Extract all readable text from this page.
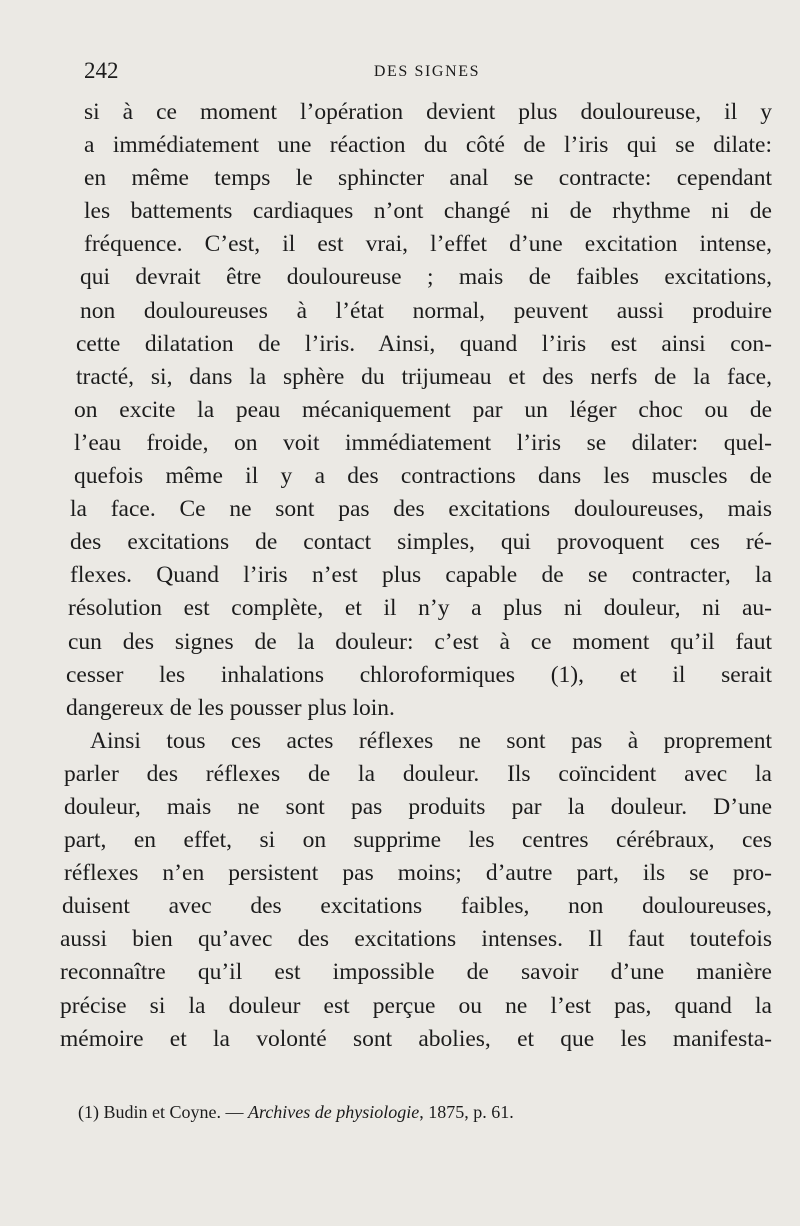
242	DES SIGNES
si à ce moment l’opération devient plus douloureuse, il y
a immédiatement une réaction du côté de l’iris qui se dilate:
en même temps le sphincter anal se contracte: cependant
les battements cardiaques n’ont changé ni de rhythme ni de
fréquence. C’est, il est vrai, l’effet d’une excitation intense,
qui devrait être douloureuse ; mais de faibles excitations,
non douloureuses à l’état normal, peuvent aussi produire
cette dilatation de l’iris. Ainsi, quand l’iris est ainsi con-
tracté, si, dans la sphère du trijumeau et des nerfs de la face,
on excite la peau mécaniquement par un léger choc ou de
l’eau froide, on voit immédiatement l’iris se dilater: quel-
quefois même il y a des contractions dans les muscles de
la face. Ce ne sont pas des excitations douloureuses, mais
des excitations de contact simples, qui provoquent ces ré-
flexes. Quand l’iris n’est plus capable de se contracter, la
résolution est complète, et il n’y a plus ni douleur, ni au-
cun des signes de la douleur: c’est à ce moment qu’il faut
cesser les inhalations chloroformiques (1), et il serait
dangereux de les pousser plus loin.
Ainsi tous ces actes réflexes ne sont pas à proprement
parler des réflexes de la douleur. Ils coïncident avec la
douleur, mais ne sont pas produits par la douleur. D’une
part, en effet, si on supprime les centres cérébraux, ces
réflexes n’en persistent pas moins; d’autre part, ils se pro-
duisent avec des excitations faibles, non douloureuses,
aussi bien qu’avec des excitations intenses. Il faut toutefois
reconnaître qu’il est impossible de savoir d’une manière
précise si la douleur est perçue ou ne l’est pas, quand la
mémoire et la volonté sont abolies, et que les manifesta-
(1) Budin et Coyne. — Archives de physiologie, 1875, p. 61.
